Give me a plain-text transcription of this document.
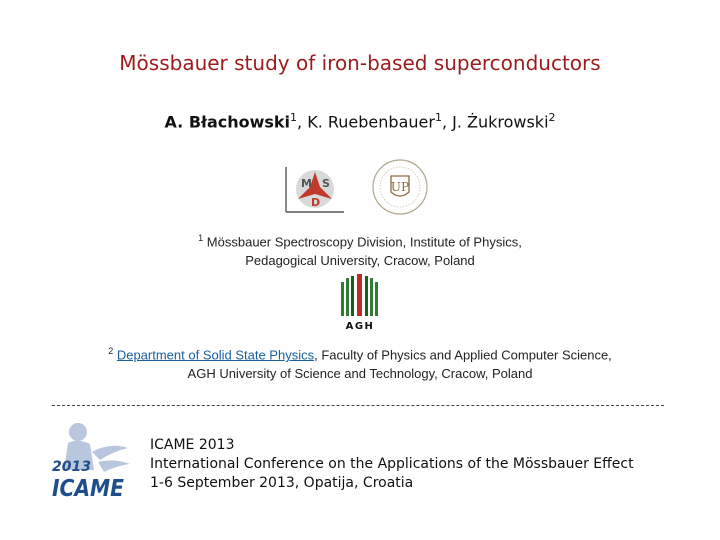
Mössbauer study of iron-based superconductors
A. Błachowski$^1$, K. Ruebenbauer$^1$, J. Żukrowski$^2$
M S
D
UP
$^1$ Mössbauer Spectroscopy Division, Institute of Physics,
Pedagogical University, Cracow, Poland
AGH
$^2$ Department of Solid State Physics, Faculty of Physics and Applied Computer Science,
AGH University of Science and Technology, Cracow, Poland
2013
ICAME
ICAME 2013
International Conference on the Applications of the Mössbauer Effect
1-6 September 2013, Opatija, Croatia
